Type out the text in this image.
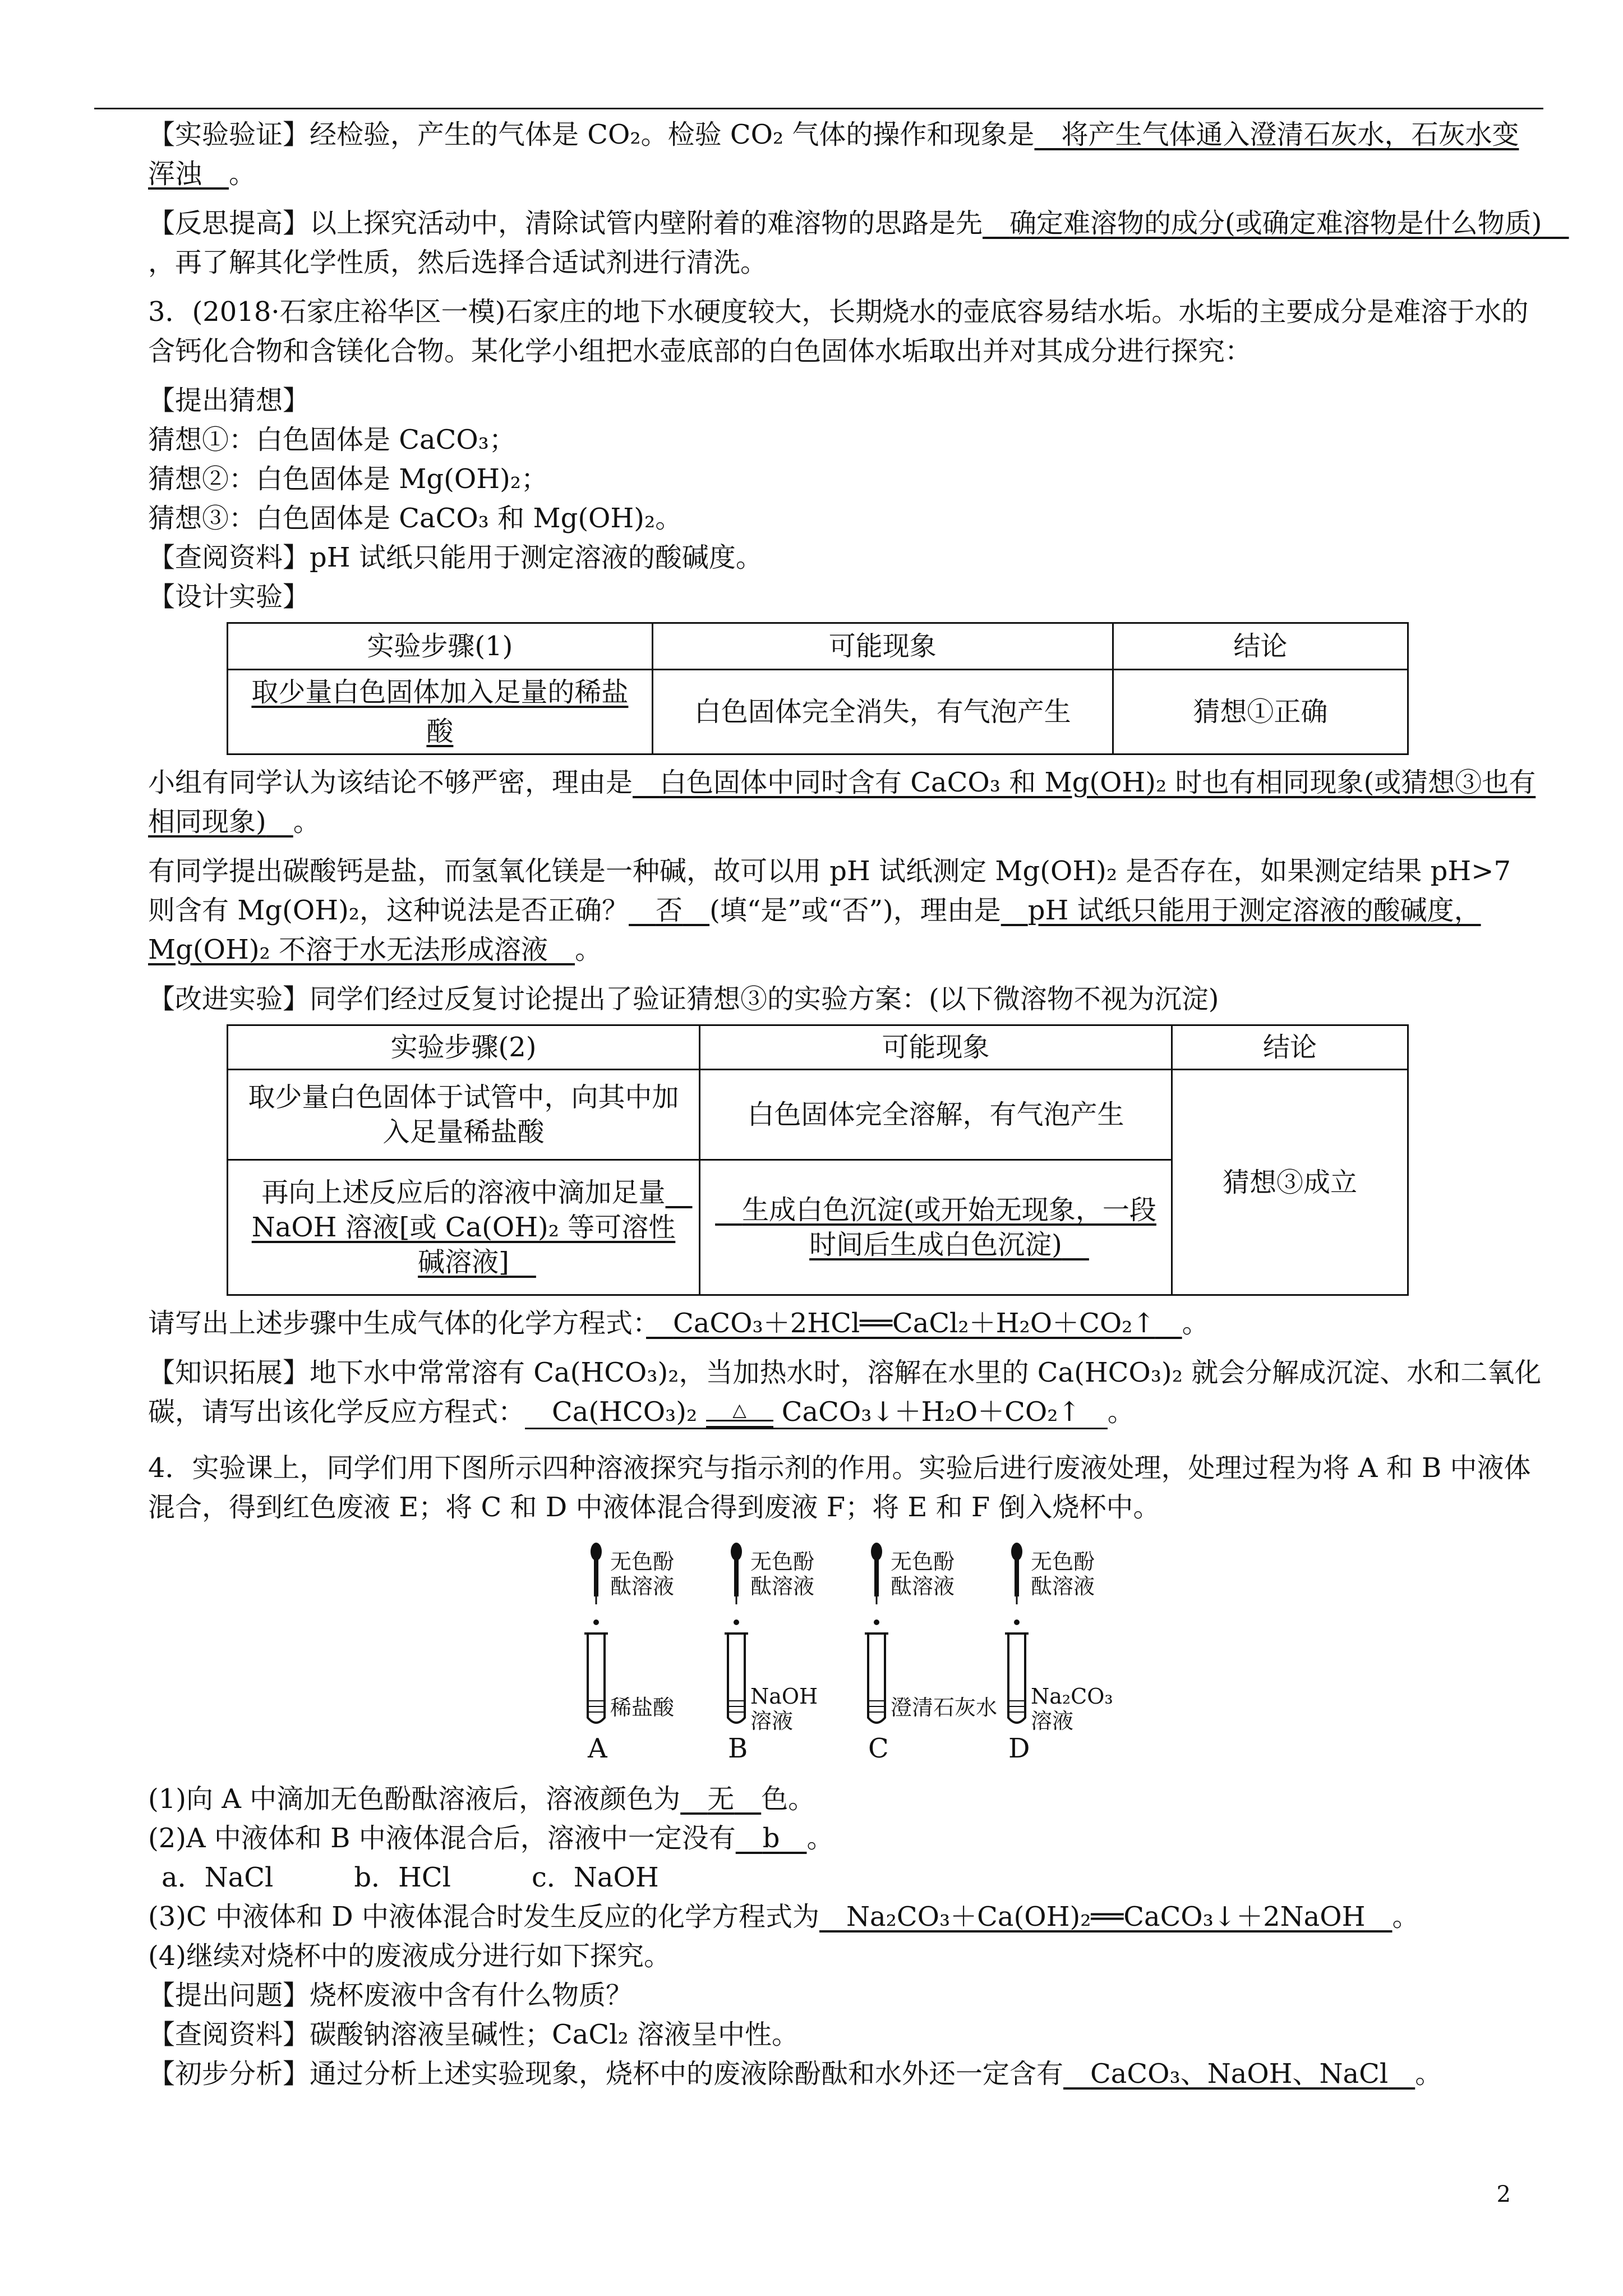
【实验验证】经检验，产生的气体是 CO₂。检验 CO₂ 气体的操作和现象是　 将产生气体通入澄清石灰水，石灰水变浑浊　 。

【反思提高】以上探究活动中，清除试管内壁附着的难溶物的思路是先　 确定难溶物的成分(或确定难溶物是什么物质)　，再了解其化学性质，然后选择合适试剂进行清洗。

3．(2018·石家庄裕华区一模)石家庄的地下水硬度较大，长期烧水的壶底容易结水垢。水垢的主要成分是难溶于水的含钙化合物和含镁化合物。某化学小组把水壶底部的白色固体水垢取出并对其成分进行探究：

【提出猜想】

猜想①：白色固体是 CaCO₃；

猜想②：白色固体是 Mg(OH)₂；

猜想③：白色固体是 CaCO₃ 和 Mg(OH)₂。

【查阅资料】pH 试纸只能用于测定溶液的酸碱度。

【设计实验】

实验步骤(1)	可能现象	结论
取少量白色固体加入足量的稀盐酸	白色固体完全消失，有气泡产生	猜想①正确

小组有同学认为该结论不够严密，理由是　 白色固体中同时含有 CaCO₃ 和 Mg(OH)₂ 时也有相同现象(或猜想③也有相同现象)　 。

有同学提出碳酸钙是盐，而氢氧化镁是一种碱，故可以用 pH 试纸测定 Mg(OH)₂ 是否存在，如果测定结果 pH>7 则含有 Mg(OH)₂，这种说法是否正确？　 否　 (填“是”或“否”)，理由是　 pH 试纸只能用于测定溶液的酸碱度，Mg(OH)₂ 不溶于水无法形成溶液　 。

【改进实验】同学们经过反复讨论提出了验证猜想③的实验方案：(以下微溶物不视为沉淀)

实验步骤(2)	可能现象	结论
取少量白色固体于试管中，向其中加入足量稀盐酸	白色固体完全溶解，有气泡产生	猜想③成立
再向上述反应后的溶液中滴加足量　NaOH 溶液[或 Ca(OH)₂ 等可溶性碱溶液]　	　生成白色沉淀(或开始无现象，一段时间后生成白色沉淀)	　

请写出上述步骤中生成气体的化学方程式：　 CaCO₃＋2HCl══CaCl₂＋H₂O＋CO₂↑　 。

【知识拓展】地下水中常常溶有 Ca(HCO₃)₂，当加热水时，溶解在水里的 Ca(HCO₃)₂ 就会分解成沉淀、水和二氧化碳，请写出该化学反应方程式：　 Ca(HCO₃)₂	△	CaCO₃↓＋H₂O＋CO₂↑　 。

4．实验课上，同学们用下图所示四种溶液探究与指示剂的作用。实验后进行废液处理，处理过程为将 A 和 B 中液体混合，得到红色废液 E；将 C 和 D 中液体混合得到废液 F；将 E 和 F 倒入烧杯中。

无色酚酞溶液
稀盐酸
A
无色酚酞溶液
NaOH溶液
B
无色酚酞溶液
澄清石灰水
C
无色酚酞溶液
Na₂CO₃溶液
D

(1)向 A 中滴加无色酚酞溶液后，溶液颜色为　 无　 色。

(2)A 中液体和 B 中液体混合后，溶液中一定没有　 b　 。

a．NaCl　　　b．HCl　　　c．NaOH

(3)C 中液体和 D 中液体混合时发生反应的化学方程式为　 Na₂CO₃＋Ca(OH)₂══CaCO₃↓＋2NaOH　 。

(4)继续对烧杯中的废液成分进行如下探究。

【提出问题】烧杯废液中含有什么物质？

【查阅资料】碳酸钠溶液呈碱性；CaCl₂ 溶液呈中性。

【初步分析】通过分析上述实验现象，烧杯中的废液除酚酞和水外还一定含有　 CaCO₃、NaOH、NaCl　 。

2
